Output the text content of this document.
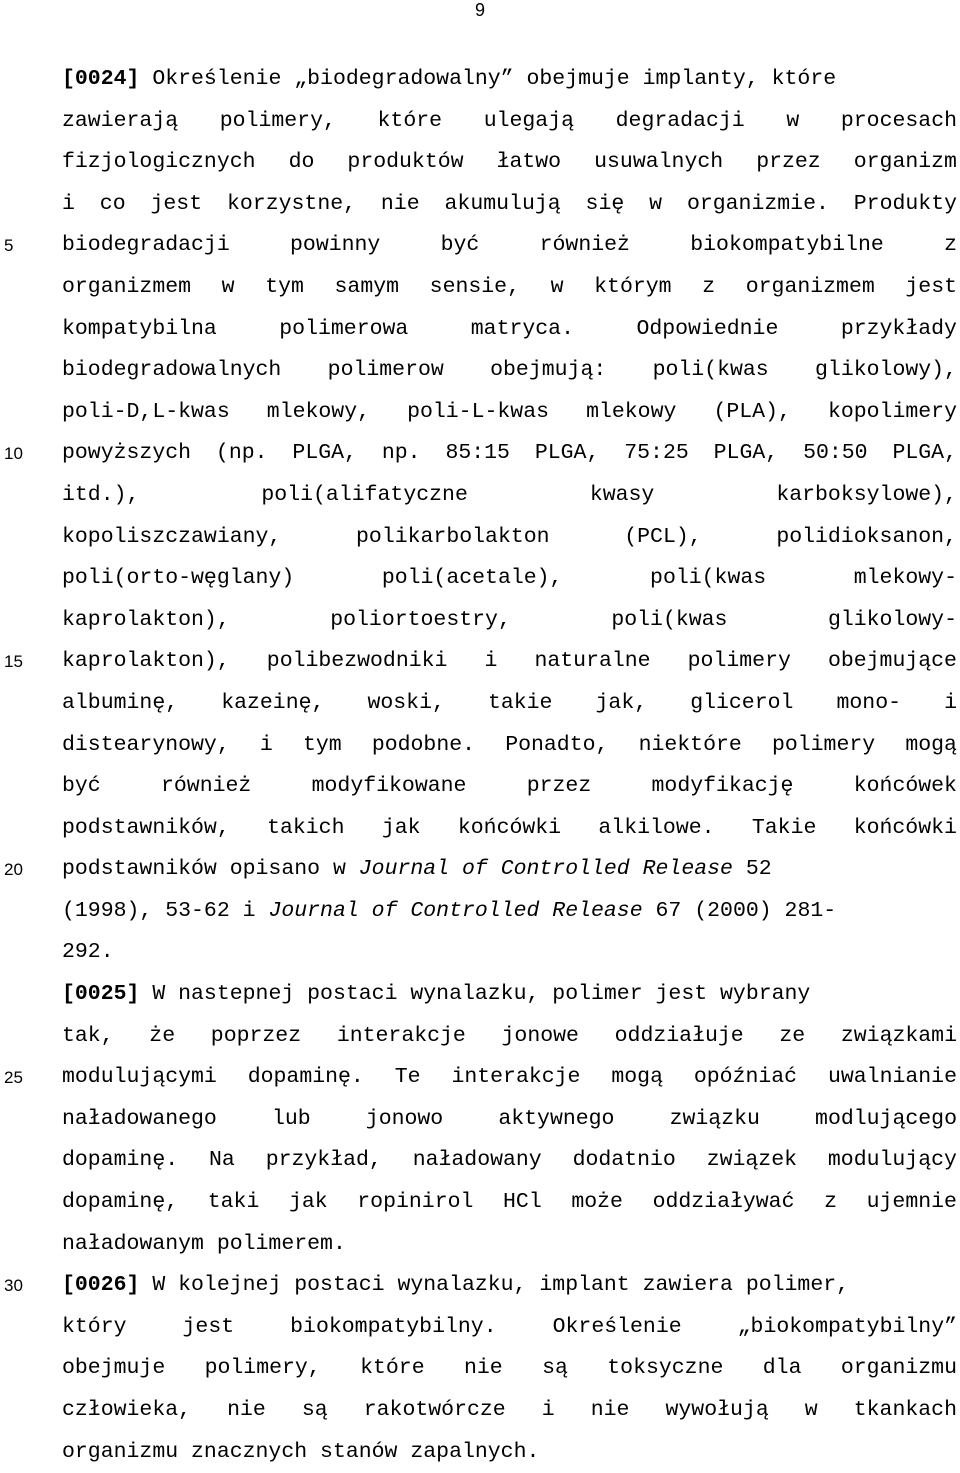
9
5
10
15
20
25
30
[0024] Określenie „biodegradowalny” obejmuje implanty, które
zawierają polimery, które ulegają degradacji w procesach
fizjologicznych do produktów łatwo usuwalnych przez organizm
i co jest korzystne, nie akumulują się w organizmie. Produkty
biodegradacji	powinny	być	również	biokompatybilne	z
organizmem w tym samym sensie, w którym z organizmem jest
kompatybilna	polimerowa	matryca.	Odpowiednie	przykłady
biodegradowalnych polimerow obejmują: poli(kwas glikolowy),
poli-D,L-kwas mlekowy, poli-L-kwas mlekowy (PLA), kopolimery
powyższych (np. PLGA, np. 85:15 PLGA, 75:25 PLGA, 50:50 PLGA,
itd.),	poli(alifatyczne	kwasy	karboksylowe),
kopoliszczawiany,	polikarbolakton	(PCL),	polidioksanon,
poli(orto-węglany)	poli(acetale),	poli(kwas	mlekowy-
kaprolakton),	poliortoestry,	poli(kwas	glikolowy-
kaprolakton), polibezwodniki i naturalne polimery obejmujące
albuminę, kazeinę, woski, takie jak, glicerol mono- i
distearynowy, i tym podobne. Ponadto, niektóre polimery mogą
być	również	modyfikowane	przez	modyfikację	końcówek
podstawników, takich jak końcówki alkilowe. Takie końcówki
podstawników opisano w Journal of Controlled Release 52
(1998), 53-62 i Journal of Controlled Release 67 (2000) 281-
292.
[0025] W nastepnej postaci wynalazku, polimer jest wybrany
tak, że poprzez interakcje jonowe oddziałuje ze związkami
modulującymi dopaminę. Te interakcje mogą opóźniać uwalnianie
naładowanego	lub	jonowo	aktywnego	związku	modlującego
dopaminę. Na przykład, naładowany dodatnio związek modulujący
dopaminę, taki jak ropinirol HCl może oddziaływać z ujemnie
naładowanym polimerem.
[0026] W kolejnej postaci wynalazku, implant zawiera polimer,
który	jest	biokompatybilny.	Określenie	„biokompatybilny”
obejmuje polimery, które nie są toksyczne dla organizmu
człowieka, nie są rakotwórcze i nie wywołują w tkankach
organizmu znacznych stanów zapalnych.
